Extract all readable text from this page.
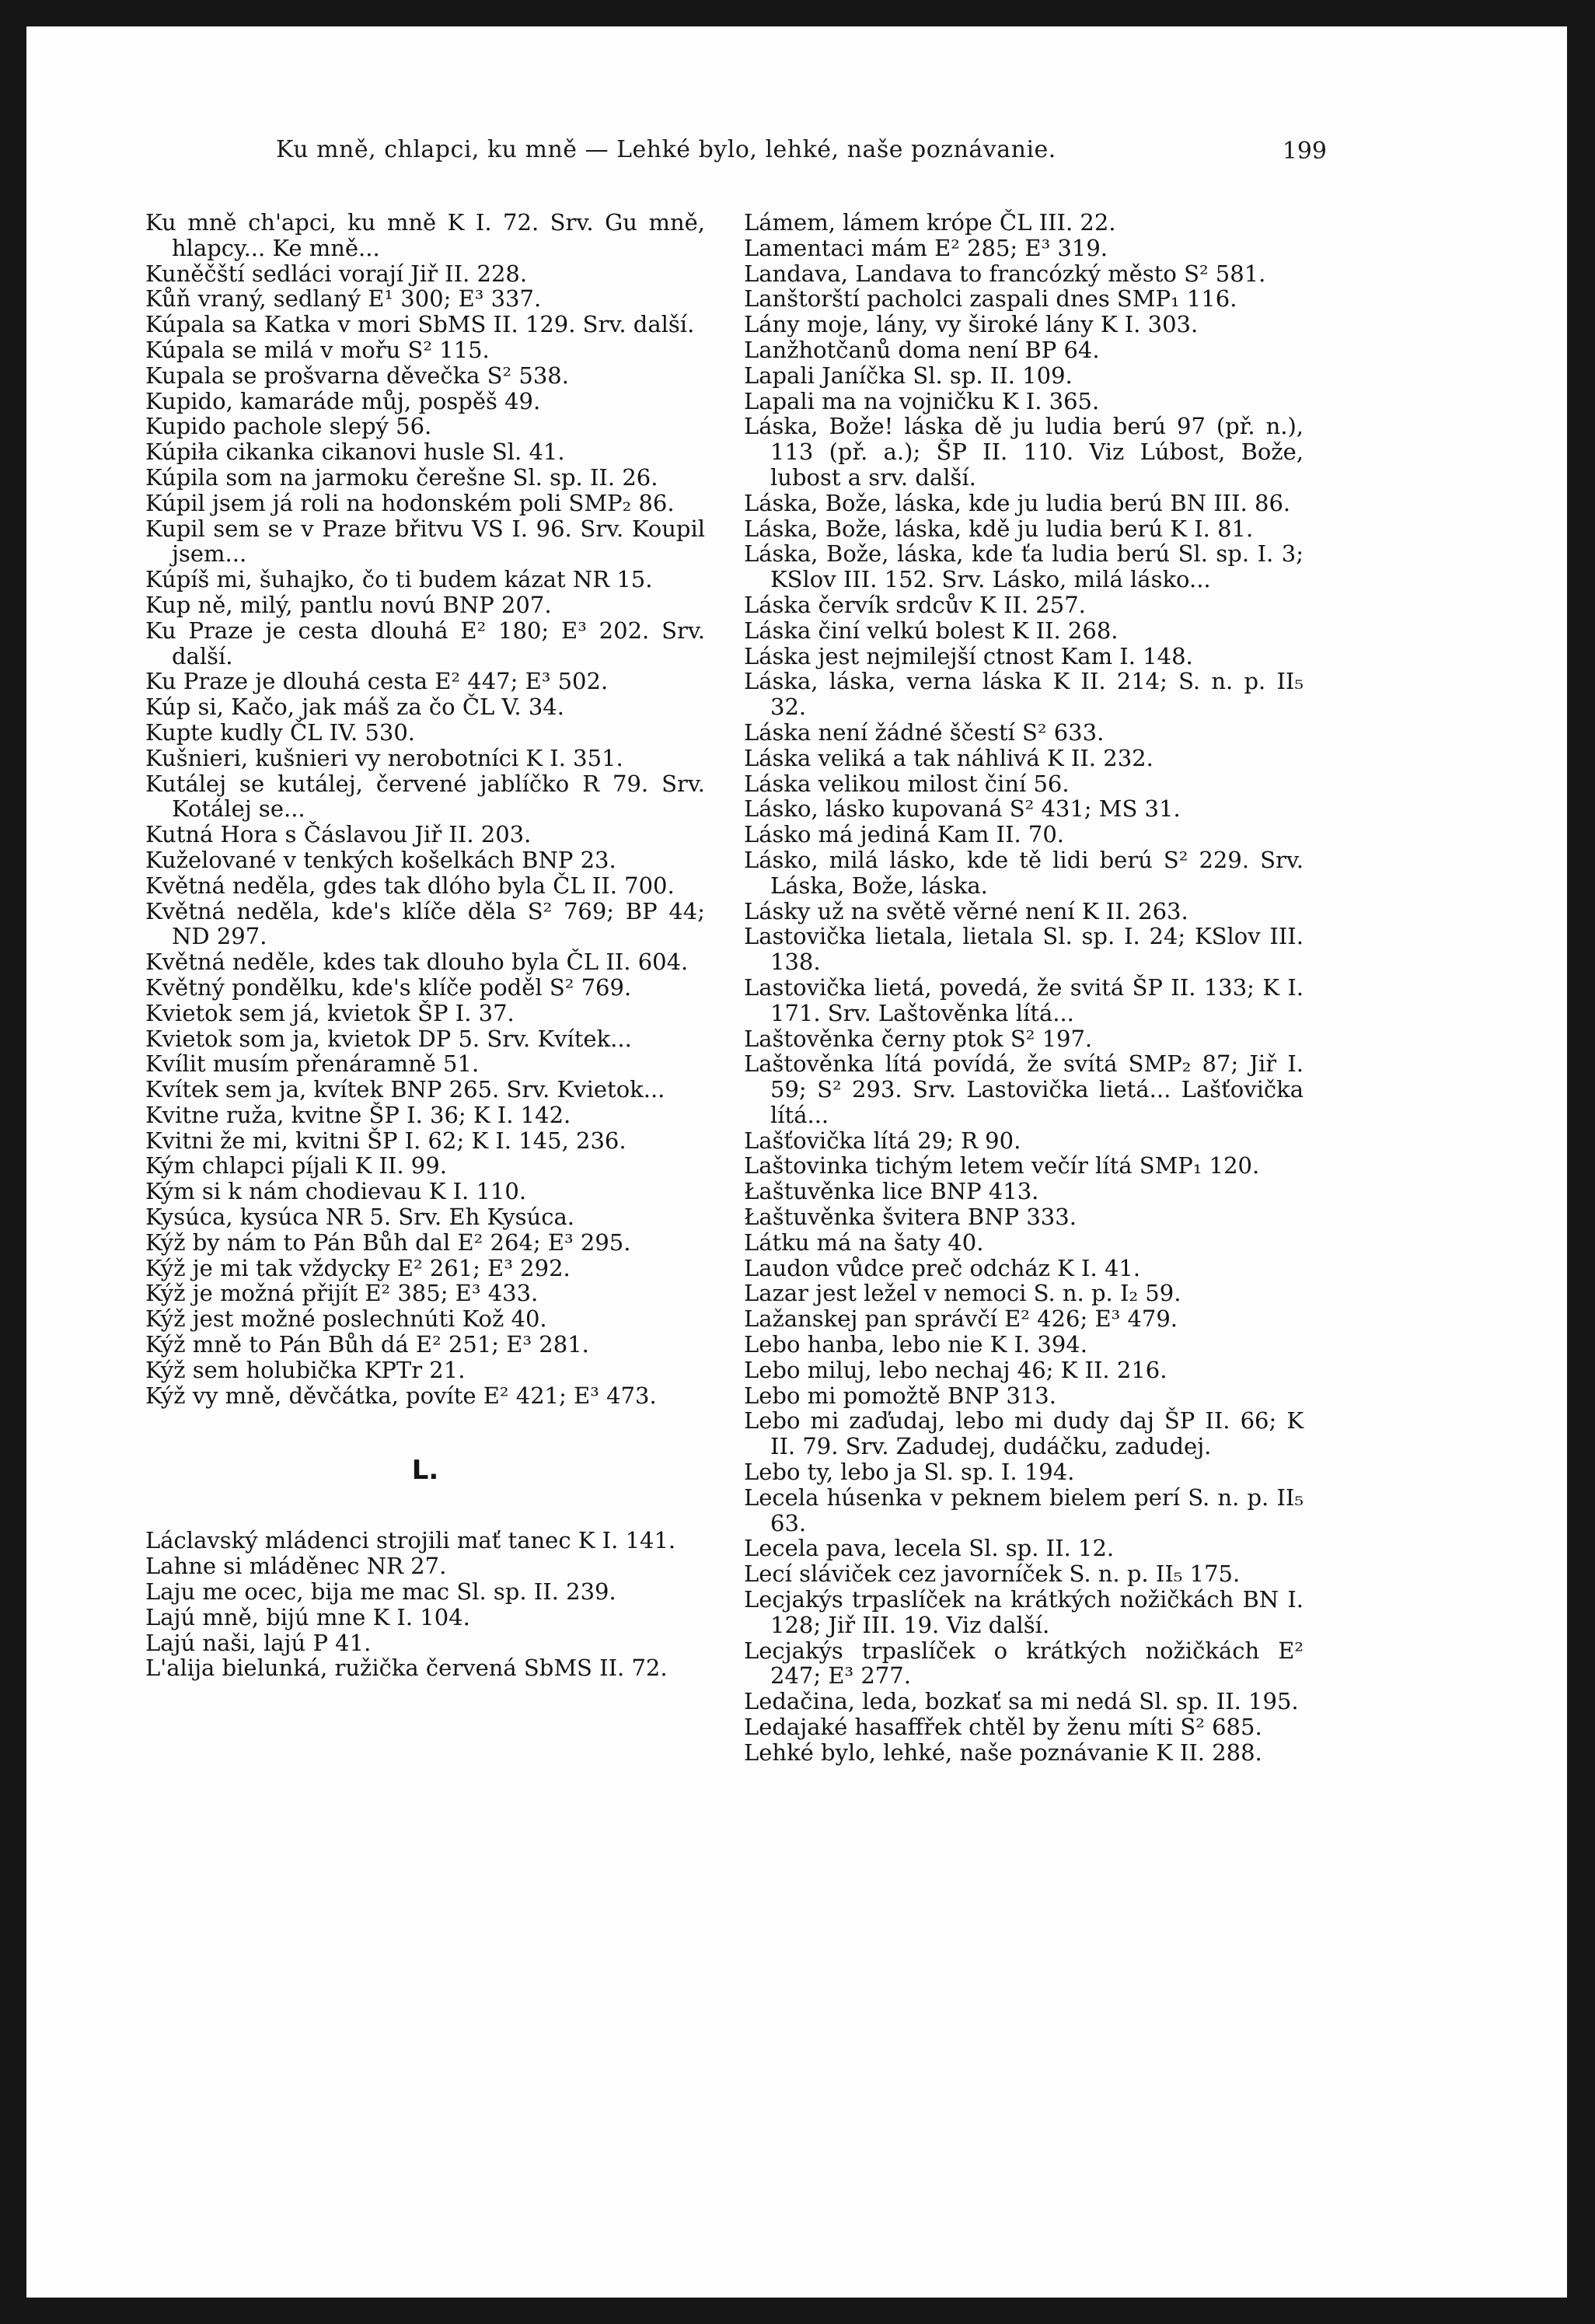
Ku mně, chlapci, ku mně — Lehké bylo, lehké, naše poznávanie.	199

Ku mně ch'apci, ku mně K I. 72. Srv. Gu mně, hlapcy... Ke mně...

Kuněčští sedláci vorají Jiř II. 228.

Kůň vraný, sedlaný E¹ 300; E³ 337.

Kúpala sa Katka v mori SbMS II. 129. Srv. další.

Kúpala se milá v mořu S² 115.

Kupala se prošvarna děvečka S² 538.

Kupido, kamaráde můj, pospěš 49.

Kupido pachole slepý 56.

Kúpiła cikanka cikanovi husle Sl. 41.

Kúpila som na jarmoku čerešne Sl. sp. II. 26.

Kúpil jsem já roli na hodonském poli SMP₂ 86.

Kupil sem se v Praze břitvu VS I. 96. Srv. Koupil jsem...

Kúpíš mi, šuhajko, čo ti budem kázat NR 15.

Kup ně, milý, pantlu novú BNP 207.

Ku Praze je cesta dlouhá E² 180; E³ 202. Srv. další.

Ku Praze je dlouhá cesta E² 447; E³ 502.

Kúp si, Kačo, jak máš za čo ČL V. 34.

Kupte kudly ČL IV. 530.

Kušnieri, kušnieri vy nerobotníci K I. 351.

Kutálej se kutálej, červené jablíčko R 79. Srv. Kotálej se...

Kutná Hora s Čáslavou Jiř II. 203.

Kuželované v tenkých košelkách BNP 23.

Květná neděla, gdes tak dlóho byla ČL II. 700.

Květná neděla, kde's klíče děla S² 769; BP 44; ND 297.

Květná neděle, kdes tak dlouho byla ČL II. 604.

Květný pondělku, kde's klíče poděl S² 769.

Kvietok sem já, kvietok ŠP I. 37.

Kvietok som ja, kvietok DP 5. Srv. Kvítek...

Kvílit musím přenáramně 51.

Kvítek sem ja, kvítek BNP 265. Srv. Kvietok...

Kvitne ruža, kvitne ŠP I. 36; K I. 142.

Kvitni že mi, kvitni ŠP I. 62; K I. 145, 236.

Kým chlapci píjali K II. 99.

Kým si k nám chodievau K I. 110.

Kysúca, kysúca NR 5. Srv. Eh Kysúca.

Kýž by nám to Pán Bůh dal E² 264; E³ 295.

Kýž je mi tak vždycky E² 261; E³ 292.

Kýž je možná přijít E² 385; E³ 433.

Kýž jest možné poslechnúti Kož 40.

Kýž mně to Pán Bůh dá E² 251; E³ 281.

Kýž sem holubička KPTr 21.

Kýž vy mně, děvčátka, povíte E² 421; E³ 473.

L.

Láclavský mládenci strojili mať tanec K I. 141.

Lahne si mláděnec NR 27.

Laju me ocec, bija me mac Sl. sp. II. 239.

Lajú mně, bijú mne K I. 104.

Lajú naši, lajú P 41.

L'alija bielunká, ružička červená SbMS II. 72.

Lámem, lámem krópe ČL III. 22.

Lamentaci mám E² 285; E³ 319.

Landava, Landava to francózký město S² 581.

Lanštorští pacholci zaspali dnes SMP₁ 116.

Lány moje, lány, vy široké lány K I. 303.

Lanžhotčanů doma není BP 64.

Lapali Janíčka Sl. sp. II. 109.

Lapali ma na vojničku K I. 365.

Láska, Bože! láska dě ju ludia berú 97 (př. n.), 113 (př. a.); ŠP II. 110. Viz Lúbost, Bože, lubost a srv. další.

Láska, Bože, láska, kde ju ludia berú BN III. 86.

Láska, Bože, láska, kdě ju ludia berú K I. 81.

Láska, Bože, láska, kde ťa ludia berú Sl. sp. I. 3; KSlov III. 152. Srv. Lásko, milá lásko...

Láska červík srdcův K II. 257.

Láska činí velkú bolest K II. 268.

Láska jest nejmilejší ctnost Kam I. 148.

Láska, láska, verna láska K II. 214; S. n. p. II₅ 32.

Láska není žádné ščestí S² 633.

Láska veliká a tak náhlivá K II. 232.

Láska velikou milost činí 56.

Lásko, lásko kupovaná S² 431; MS 31.

Lásko má jediná Kam II. 70.

Lásko, milá lásko, kde tě lidi berú S² 229. Srv. Láska, Bože, láska.

Lásky už na světě věrné není K II. 263.

Lastovička lietala, lietala Sl. sp. I. 24; KSlov III. 138.

Lastovička lietá, povedá, že svitá ŠP II. 133; K I. 171. Srv. Laštověnka lítá...

Laštověnka černy ptok S² 197.

Laštověnka lítá povídá, že svítá SMP₂ 87; Jiř I. 59; S² 293. Srv. Lastovička lietá... Lašťovička lítá...

Lašťovička lítá 29; R 90.

Laštovinka tichým letem večír lítá SMP₁ 120.

Łaštuvěnka lice BNP 413.

Łaštuvěnka švitera BNP 333.

Látku má na šaty 40.

Laudon vůdce preč odcház K I. 41.

Lazar jest ležel v nemoci S. n. p. I₂ 59.

Lažanskej pan správčí E² 426; E³ 479.

Lebo hanba, lebo nie K I. 394.

Lebo miluj, lebo nechaj 46; K II. 216.

Lebo mi pomožtě BNP 313.

Lebo mi zaďudaj, lebo mi dudy daj ŠP II. 66; K II. 79. Srv. Zadudej, dudáčku, zadudej.

Lebo ty, lebo ja Sl. sp. I. 194.

Lecela húsenka v peknem bielem perí S. n. p. II₅ 63.

Lecela pava, lecela Sl. sp. II. 12.

Lecí sláviček cez javorníček S. n. p. II₅ 175.

Lecjakýs trpaslíček na krátkých nožičkách BN I. 128; Jiř III. 19. Viz další.

Lecjakýs trpaslíček o krátkých nožičkách E² 247; E³ 277.

Ledačina, leda, bozkať sa mi nedá Sl. sp. II. 195.

Ledajaké hasaffřek chtěl by ženu míti S² 685.

Lehké bylo, lehké, naše poznávanie K II. 288.
